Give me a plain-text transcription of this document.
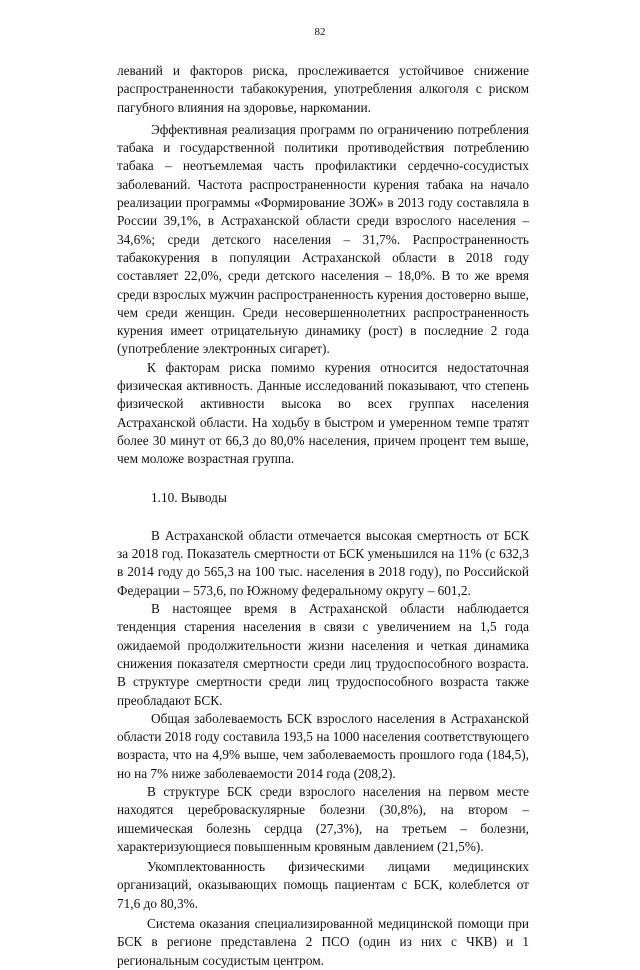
82

леваний и факторов риска, прослеживается устойчивое снижение распространенности табакокурения, употребления алкоголя с риском пагубного влияния на здоровье, наркомании.

Эффективная реализация программ по ограничению потребления табака и государственной политики противодействия потреблению табака – неотъемлемая часть профилактики сердечно-сосудистых заболеваний. Частота распространенности курения табака на начало реализации программы «Формирование ЗОЖ» в 2013 году составляла в России 39,1%, в Астраханской области среди взрослого населения – 34,6%; среди детского населения – 31,7%. Распространенность табакокурения в популяции Астраханской области в 2018 году составляет 22,0%, среди детского населения – 18,0%. В то же время среди взрослых мужчин распространенность курения достоверно выше, чем среди женщин. Среди несовершеннолетних распространенность курения имеет отрицательную динамику (рост) в последние 2 года (употребление электронных сигарет).

К факторам риска помимо курения относится недостаточная физическая активность. Данные исследований показывают, что степень физической активности высока во всех группах населения Астраханской области. На ходьбу в быстром и умеренном темпе тратят более 30 минут от 66,3 до 80,0% населения, причем процент тем выше, чем моложе возрастная группа.

1.10. Выводы

В Астраханской области отмечается высокая смертность от БСК за 2018 год. Показатель смертности от БСК уменьшился на 11% (с 632,3 в 2014 году до 565,3 на 100 тыс. населения в 2018 году), по Российской Федерации – 573,6, по Южному федеральному округу – 601,2.

В настоящее время в Астраханской области наблюдается тенденция старения населения в связи с увеличением на 1,5 года ожидаемой продолжительности жизни населения и четкая динамика снижения показателя смертности среди лиц трудоспособного возраста. В структуре смертности среди лиц трудоспособного возраста также преобладают БСК.

Общая заболеваемость БСК взрослого населения в Астраханской области 2018 году составила 193,5 на 1000 населения соответствующего возраста, что на 4,9% выше, чем заболеваемость прошлого года (184,5), но на 7% ниже заболеваемости 2014 года (208,2).

В структуре БСК среди взрослого населения на первом месте находятся цереброваскулярные болезни (30,8%), на втором – ишемическая болезнь сердца (27,3%), на третьем – болезни, характеризующиеся повышенным кровяным давлением (21,5%).

Укомплектованность физическими лицами медицинских организаций, оказывающих помощь пациентам с БСК, колеблется от 71,6 до 80,3%.

Система оказания специализированной медицинской помощи при БСК в регионе представлена 2 ПСО (один из них с ЧКВ) и 1 региональным сосудистым центром.
